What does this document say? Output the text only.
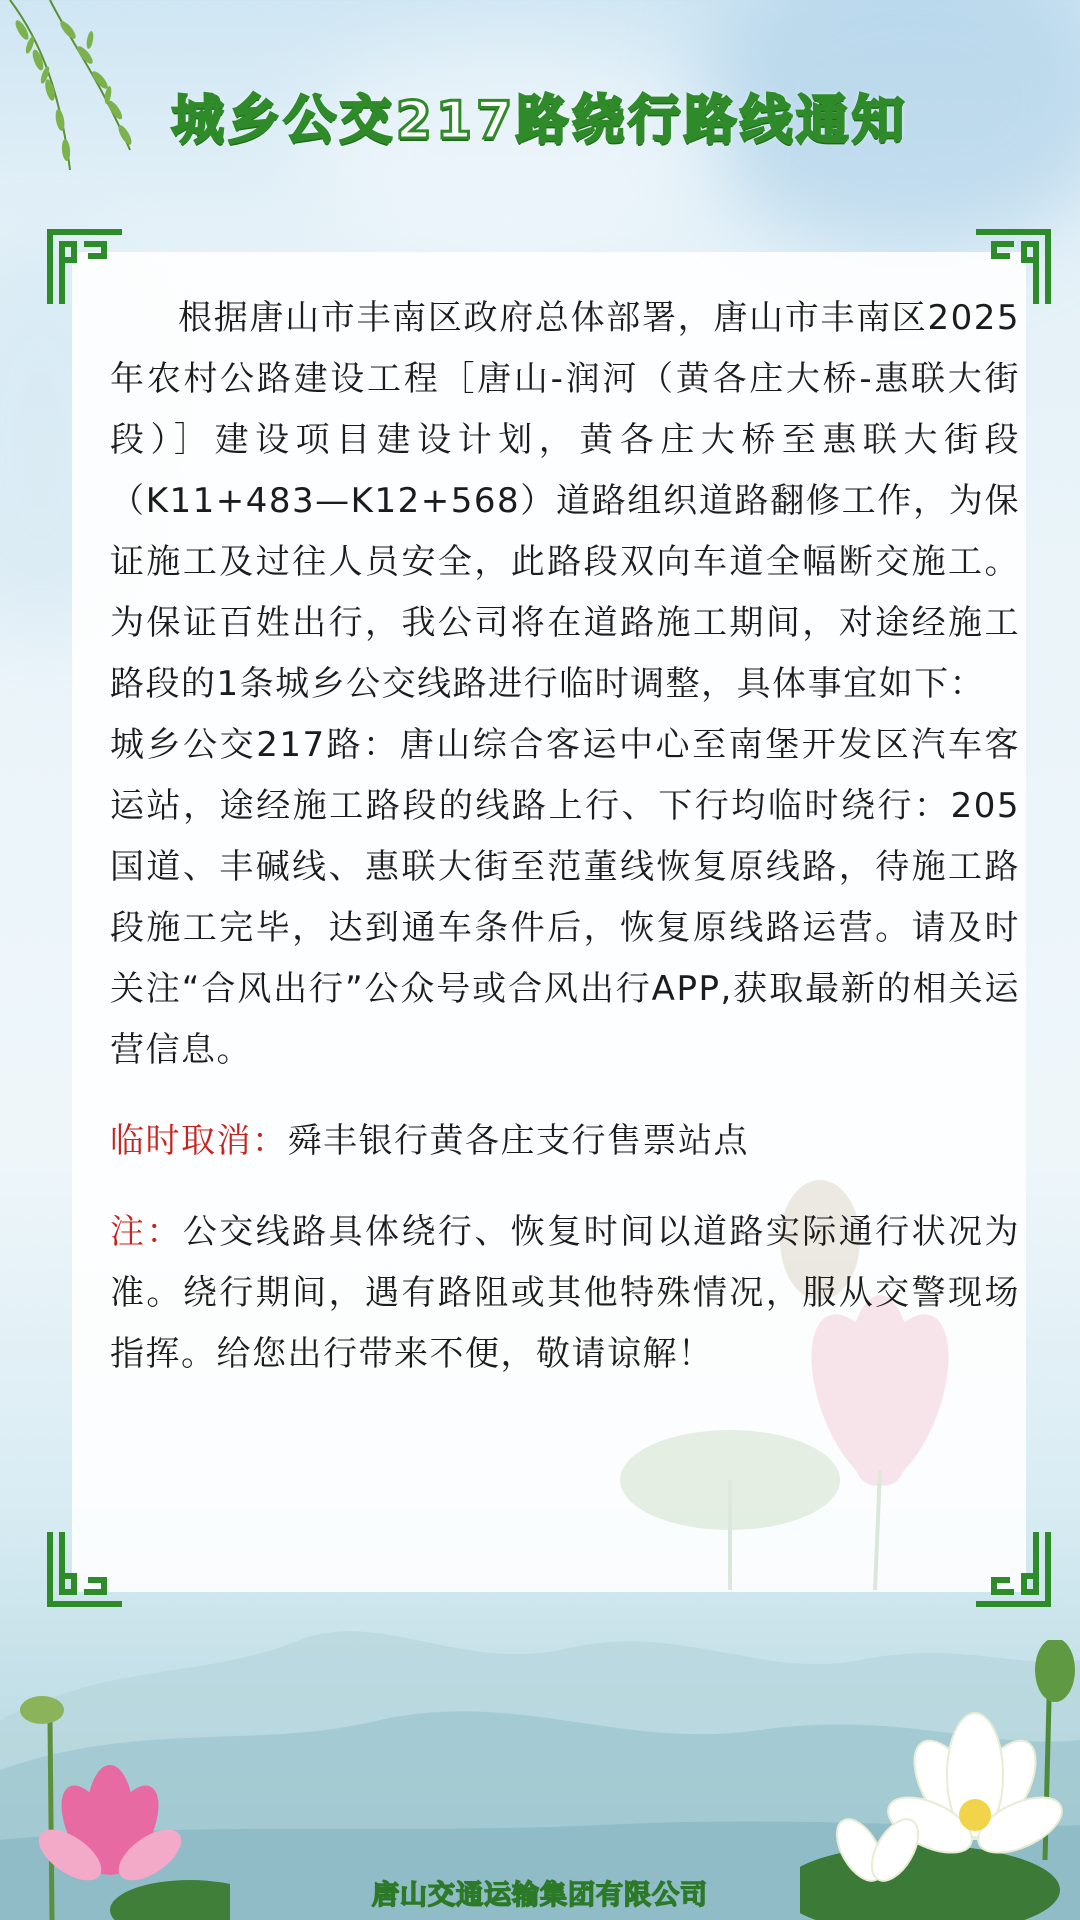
城乡公交217路绕行路线通知

根据唐山市丰南区政府总体部署，唐山市丰南区2025年农村公路建设工程［唐山-润河（黄各庄大桥-惠联大街段）］建设项目建设计划，黄各庄大桥至惠联大街段（K11+483—K12+568）道路组织道路翻修工作，为保证施工及过往人员安全，此路段双向车道全幅断交施工。为保证百姓出行，我公司将在道路施工期间，对途经施工路段的1条城乡公交线路进行临时调整，具体事宜如下：

城乡公交217路：唐山综合客运中心至南堡开发区汽车客运站，途经施工路段的线路上行、下行均临时绕行：205国道、丰碱线、惠联大街至范董线恢复原线路，待施工路段施工完毕，达到通车条件后，恢复原线路运营。请及时关注“合风出行”公众号或合风出行APP,获取最新的相关运营信息。

临时取消：舜丰银行黄各庄支行售票站点

注：公交线路具体绕行、恢复时间以道路实际通行状况为准。绕行期间，遇有路阻或其他特殊情况，服从交警现场指挥。给您出行带来不便，敬请谅解！

唐山交通运输集团有限公司
